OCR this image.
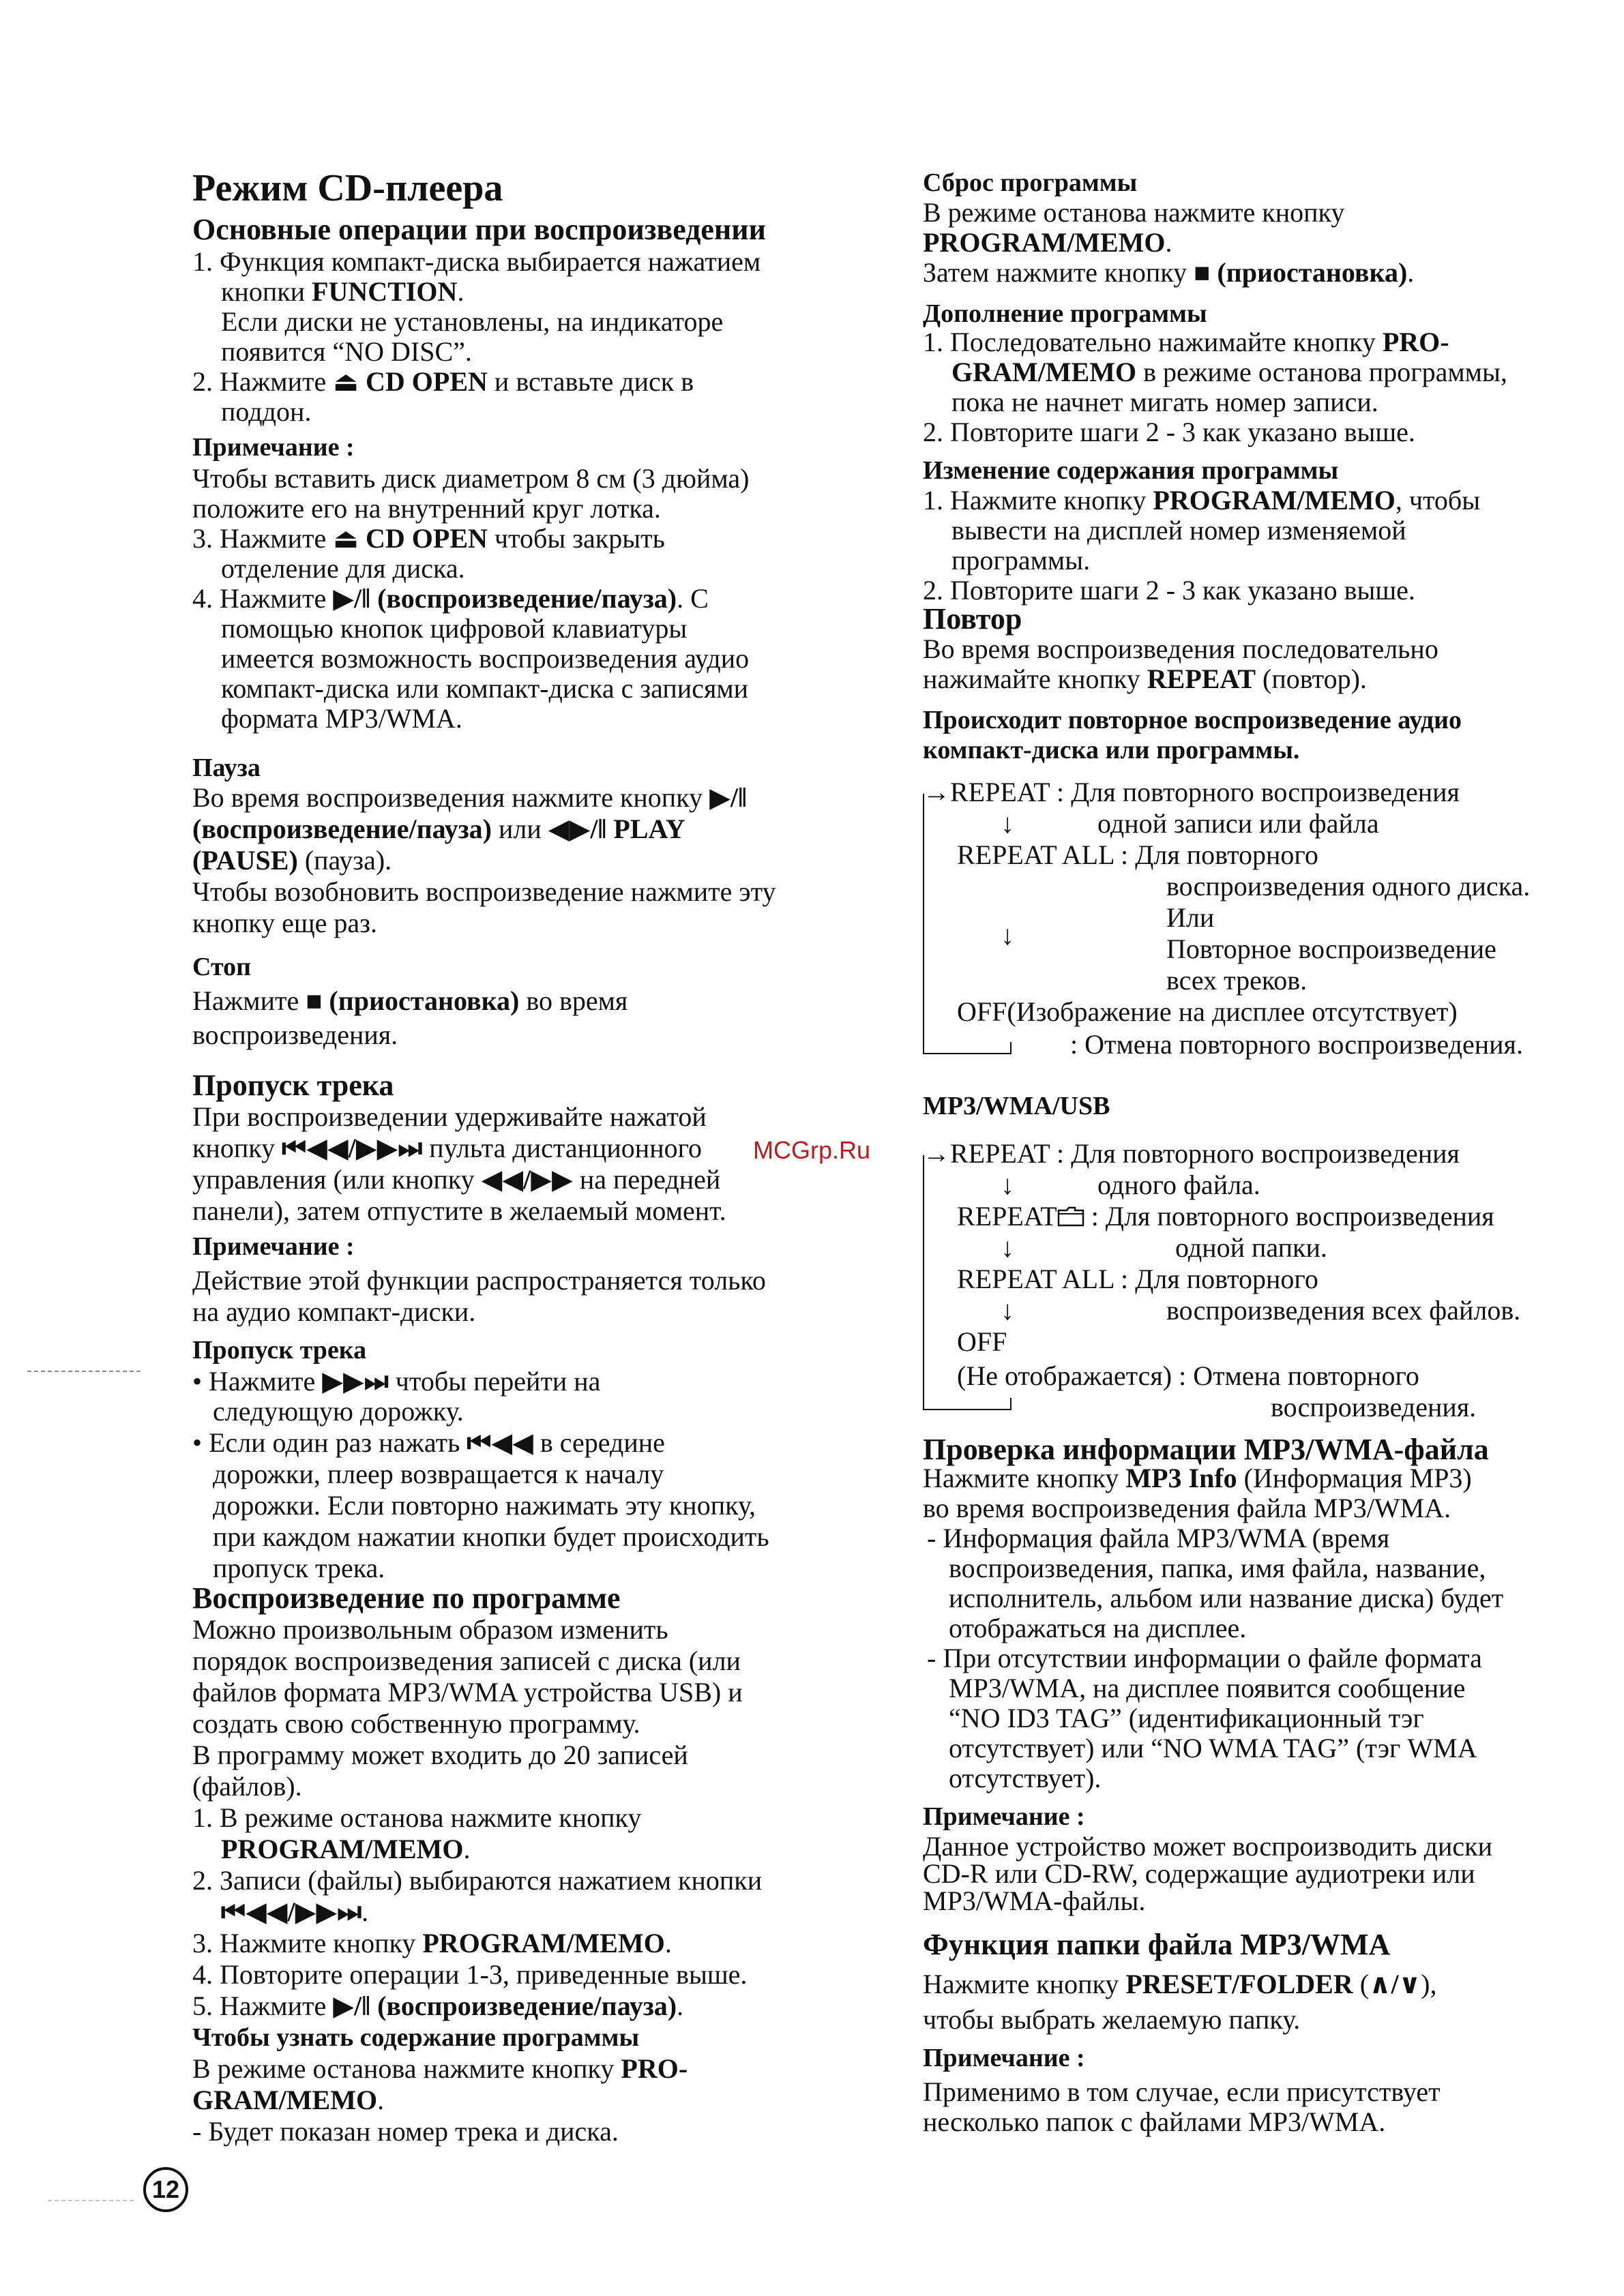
Режим CD-плеера
Основные операции при воспроизведении
1. Функция компакт-диска выбирается нажатием
кнопки FUNCTION.
Если диски не установлены, на индикаторе
появится “NO DISC”.
2. Нажмите ⏏ CD OPEN и вставьте диск в
поддон.
Примечание :
Чтобы вставить диск диаметром 8 см (3 дюйма)
положите его на внутренний круг лотка.
3. Нажмите ⏏ CD OPEN чтобы закрыть
отделение для диска.
4. Нажмите ▶/‖ (воспроизведение/пауза). С
помощью кнопок цифровой клавиатуры
имеется возможность воспроизведения аудио
компакт-диска или компакт-диска с записями
формата MP3/WMA.
Пауза
Во время воспроизведения нажмите кнопку ▶/‖
(воспроизведение/пауза) или ◀▶/‖ PLAY
(PAUSE) (пауза).
Чтобы возобновить воспроизведение нажмите эту
кнопку еще раз.
Стоп
Нажмите ■ (приостановка) во время
воспроизведения.
Пропуск трека
При воспроизведении удерживайте нажатой
кнопку ⏮◀◀/▶▶⏭ пульта дистанционного
управления (или кнопку ◀◀/▶▶ на передней
панели), затем отпустите в желаемый момент.
Примечание :
Действие этой функции распространяется только
на аудио компакт-диски.
Пропуск трека
• Нажмите ▶▶⏭ чтобы перейти на
следующую дорожку.
• Если один раз нажать ⏮◀◀ в середине
дорожки, плеер возвращается к началу
дорожки. Если повторно нажимать эту кнопку,
при каждом нажатии кнопки будет происходить
пропуск трека.
Воспроизведение по программе
Можно произвольным образом изменить
порядок воспроизведения записей с диска (или
файлов формата MP3/WMA устройства USB) и
создать свою собственную программу.
В программу может входить до 20 записей
(файлов).
1. В режиме останова нажмите кнопку
PROGRAM/MEMO.
2. Записи (файлы) выбираются нажатием кнопки
⏮◀◀/▶▶⏭.
3. Нажмите кнопку PROGRAM/MEMO.
4. Повторите операции 1-3, приведенные выше.
5. Нажмите ▶/‖ (воспроизведение/пауза).
Чтобы узнать содержание программы
В режиме останова нажмите кнопку PRO-
GRAM/MEMO.
- Будет показан номер трека и диска.
Сброс программы
В режиме останова нажмите кнопку
PROGRAM/MEMO.
Затем нажмите кнопку ■ (приостановка).
Дополнение программы
1. Последовательно нажимайте кнопку PRO-
GRAM/MEMO в режиме останова программы,
пока не начнет мигать номер записи.
2. Повторите шаги 2 - 3 как указано выше.
Изменение содержания программы
1. Нажмите кнопку PROGRAM/MEMO, чтобы
вывести на дисплей номер изменяемой
программы.
2. Повторите шаги 2 - 3 как указано выше.
Повтор
Во время воспроизведения последовательно
нажимайте кнопку REPEAT (повтор).
Происходит повторное воспроизведение аудио
компакт-диска или программы.
→REPEAT : Для повторного воспроизведения
↓	одной записи или файла
REPEAT ALL : Для повторного
воспроизведения одного диска.
Или
↓	Повторное воспроизведение
всех треков.
OFF(Изображение на дисплее отсутствует)
: Отмена повторного воспроизведения.
MP3/WMA/USB
→REPEAT : Для повторного воспроизведения
↓	одного файла.
REPEAT : Для повторного воспроизведения
↓	одной папки.
REPEAT ALL : Для повторного
↓	воспроизведения всех файлов.
OFF
(Не отображается) : Отмена повторного
воспроизведения.
Проверка информации MP3/WMA-файла
Нажмите кнопку MP3 Info (Информация MP3)
во время воспроизведения файла MP3/WMA.
- Информация файла MP3/WMA (время
воспроизведения, папка, имя файла, название,
исполнитель, альбом или название диска) будет
отображаться на дисплее.
- При отсутствии информации о файле формата
MP3/WMA, на дисплее появится сообщение
“NO ID3 TAG” (идентификационный тэг
отсутствует) или “NO WMA TAG” (тэг WMA
отсутствует).
Примечание :
Данное устройство может воспроизводить диски
CD-R или CD-RW, содержащие аудиотреки или
MP3/WMA-файлы.
Функция папки файла MP3/WMA
Нажмите кнопку PRESET/FOLDER (∧/∨),
чтобы выбрать желаемую папку.
Примечание :
Применимо в том случае, если присутствует
несколько папок с файлами MP3/WMA.
MCGrp.Ru
12
